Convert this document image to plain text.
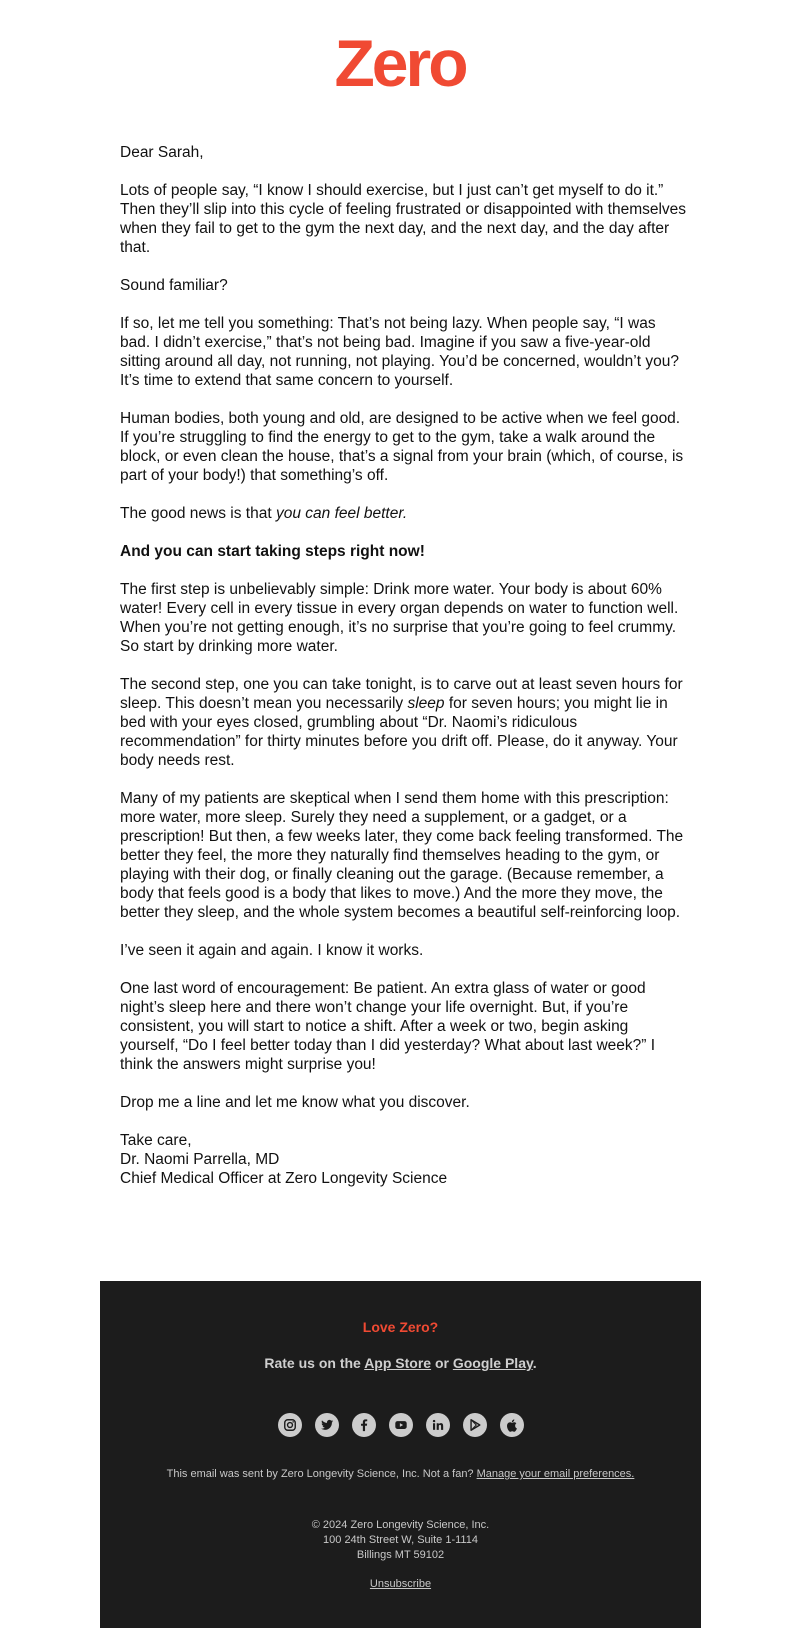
Zero

Dear Sarah,

Lots of people say, “I know I should exercise, but I just can’t get myself to do it.” Then they’ll slip into this cycle of feeling frustrated or disappointed with themselves when they fail to get to the gym the next day, and the next day, and the day after that.

Sound familiar?

If so, let me tell you something: That’s not being lazy. When people say, “I was bad. I didn’t exercise,” that’s not being bad. Imagine if you saw a five-year-old sitting around all day, not running, not playing. You’d be concerned, wouldn’t you? It’s time to extend that same concern to yourself.

Human bodies, both young and old, are designed to be active when we feel good. If you’re struggling to find the energy to get to the gym, take a walk around the block, or even clean the house, that’s a signal from your brain (which, of course, is part of your body!) that something’s off.

The good news is that you can feel better.

And you can start taking steps right now!

The first step is unbelievably simple: Drink more water. Your body is about 60% water! Every cell in every tissue in every organ depends on water to function well. When you’re not getting enough, it’s no surprise that you’re going to feel crummy. So start by drinking more water.

The second step, one you can take tonight, is to carve out at least seven hours for sleep. This doesn’t mean you necessarily sleep for seven hours; you might lie in bed with your eyes closed, grumbling about “Dr. Naomi’s ridiculous recommendation” for thirty minutes before you drift off. Please, do it anyway. Your body needs rest.

Many of my patients are skeptical when I send them home with this prescription: more water, more sleep. Surely they need a supplement, or a gadget, or a prescription! But then, a few weeks later, they come back feeling transformed. The better they feel, the more they naturally find themselves heading to the gym, or playing with their dog, or finally cleaning out the garage. (Because remember, a body that feels good is a body that likes to move.) And the more they move, the better they sleep, and the whole system becomes a beautiful self-reinforcing loop.

I’ve seen it again and again. I know it works.

One last word of encouragement: Be patient. An extra glass of water or good night’s sleep here and there won’t change your life overnight. But, if you’re consistent, you will start to notice a shift. After a week or two, begin asking yourself, “Do I feel better today than I did yesterday? What about last week?” I think the answers might surprise you!

Drop me a line and let me know what you discover.

Take care,
Dr. Naomi Parrella, MD
Chief Medical Officer at Zero Longevity Science
Love Zero?
Rate us on the App Store or Google Play.
This email was sent by Zero Longevity Science, Inc. Not a fan? Manage your email preferences.
© 2024 Zero Longevity Science, Inc.
100 24th Street W, Suite 1-1114
Billings MT 59102
Unsubscribe
